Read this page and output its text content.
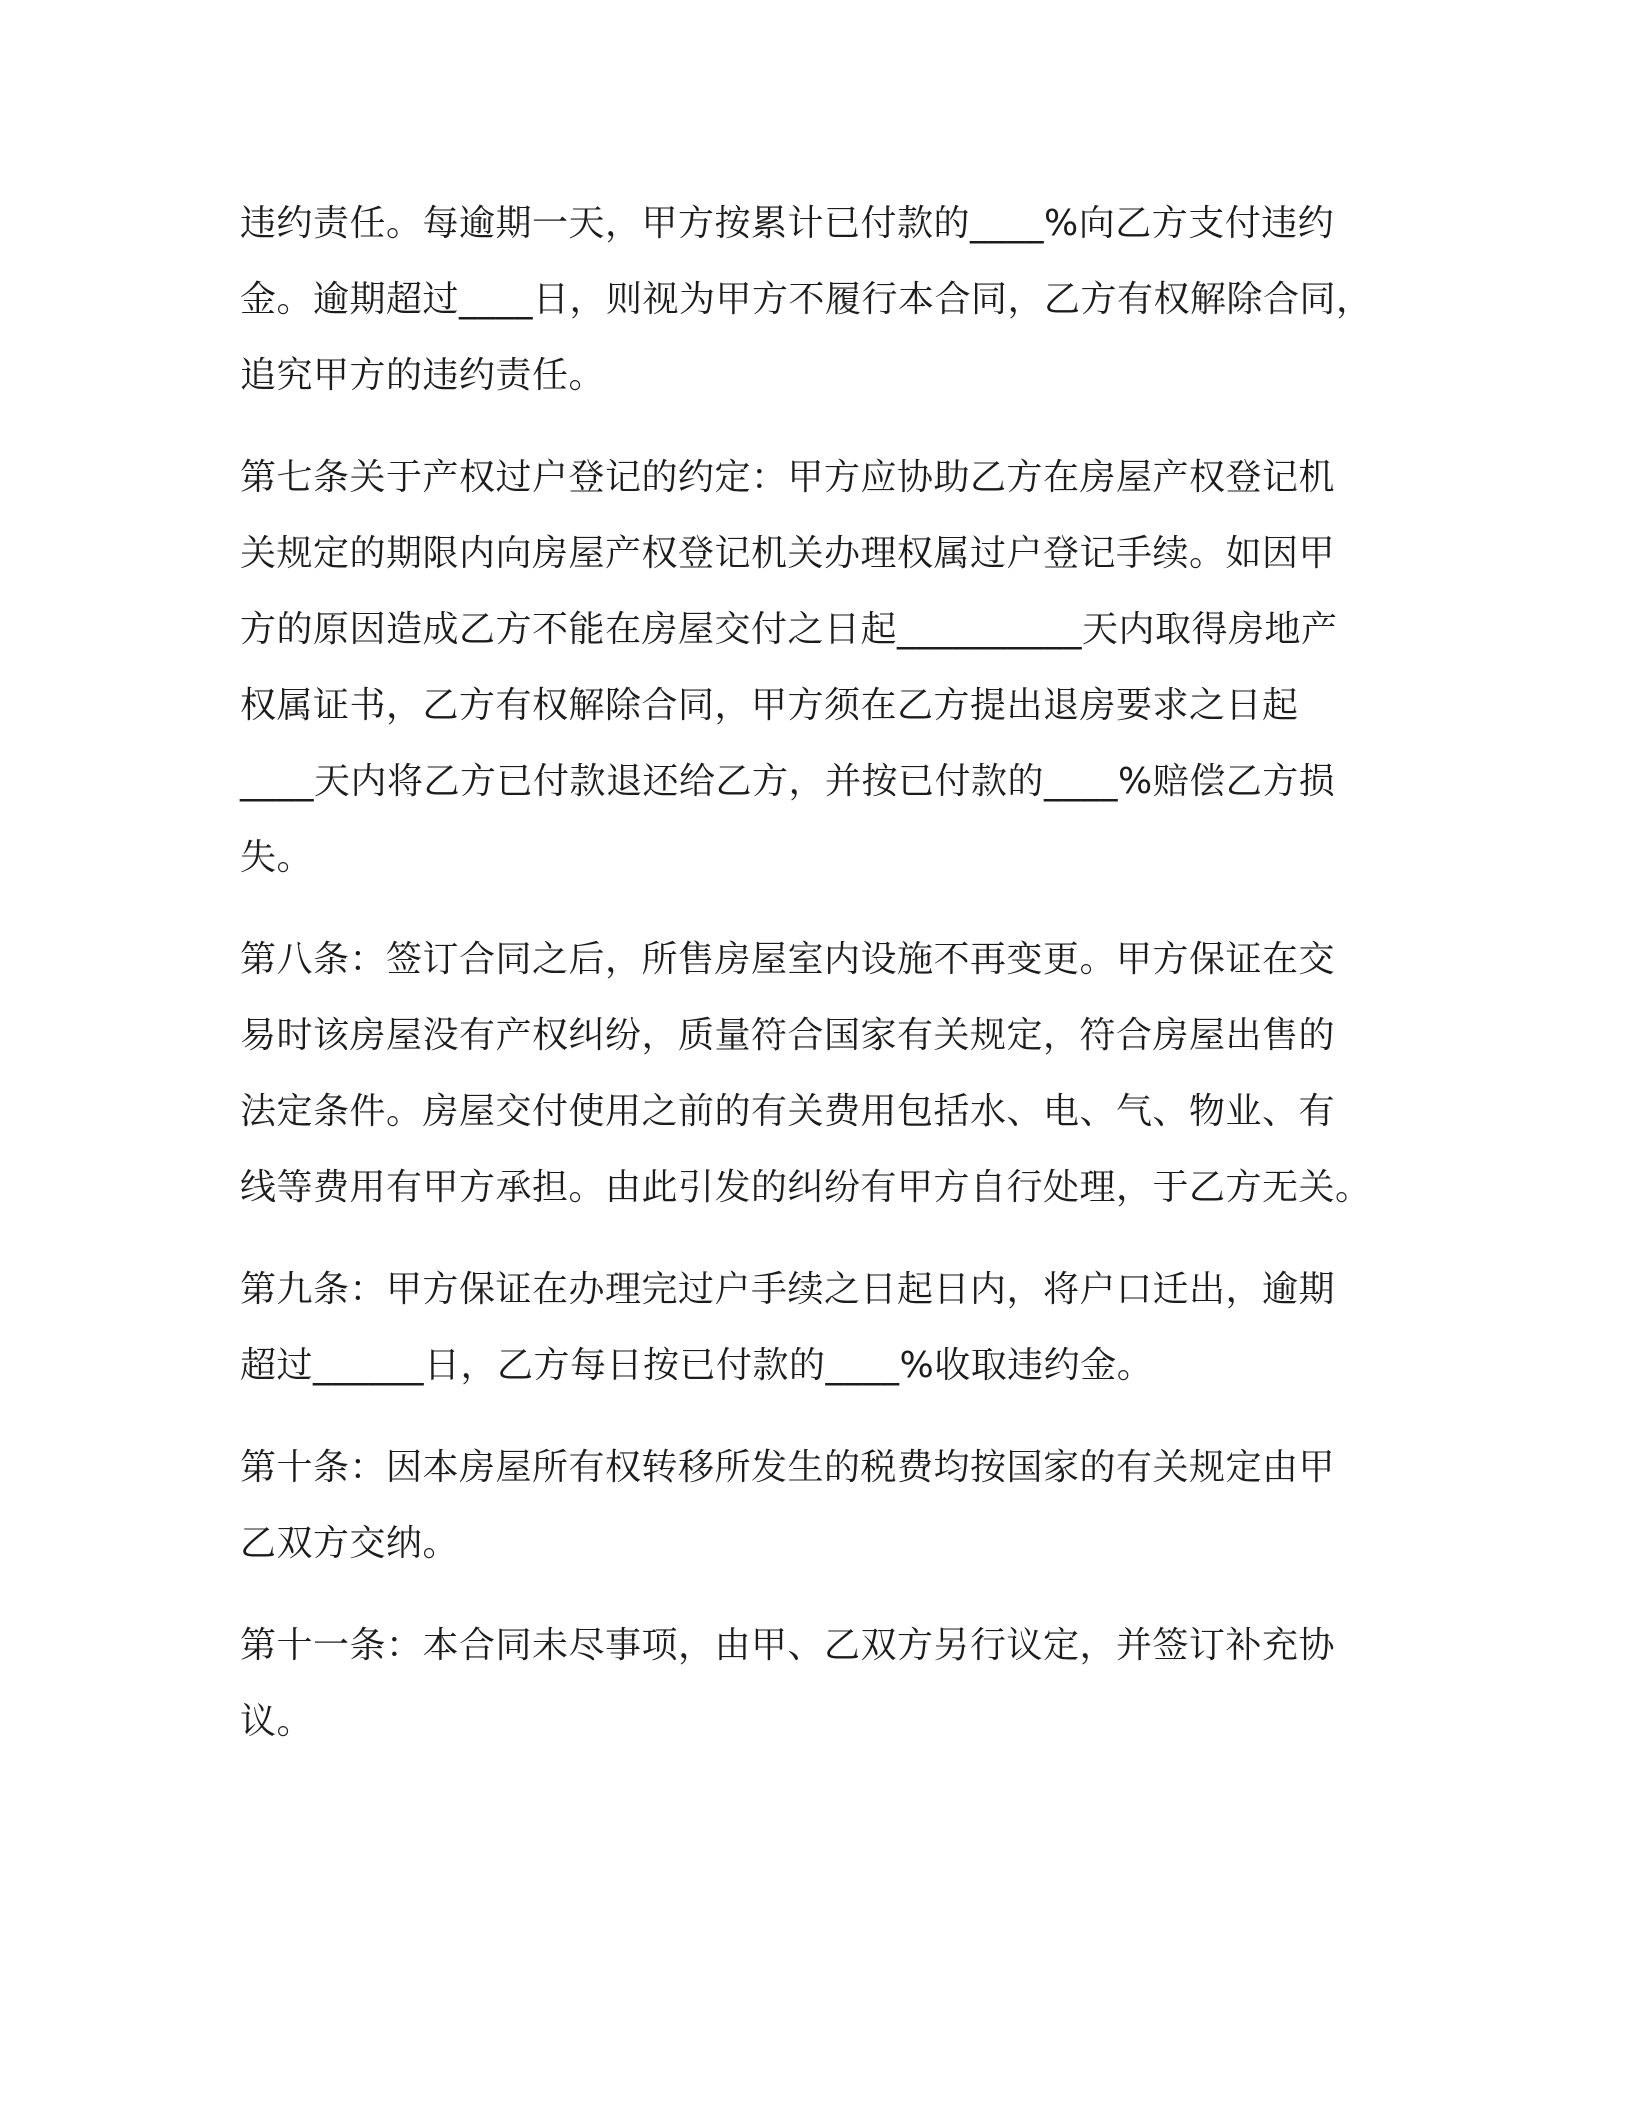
违约责任。每逾期一天，甲方按累计已付款的____%向乙方支付违约
金。逾期超过____日，则视为甲方不履行本合同，乙方有权解除合同，
追究甲方的违约责任。
第七条关于产权过户登记的约定：甲方应协助乙方在房屋产权登记机
关规定的期限内向房屋产权登记机关办理权属过户登记手续。如因甲
方的原因造成乙方不能在房屋交付之日起__________天内取得房地产
权属证书，乙方有权解除合同，甲方须在乙方提出退房要求之日起
____天内将乙方已付款退还给乙方，并按已付款的____%赔偿乙方损
失。
第八条：签订合同之后，所售房屋室内设施不再变更。甲方保证在交
易时该房屋没有产权纠纷，质量符合国家有关规定，符合房屋出售的
法定条件。房屋交付使用之前的有关费用包括水、电、气、物业、有
线等费用有甲方承担。由此引发的纠纷有甲方自行处理，于乙方无关。
第九条：甲方保证在办理完过户手续之日起日内，将户口迁出，逾期
超过______日，乙方每日按已付款的____%收取违约金。
第十条：因本房屋所有权转移所发生的税费均按国家的有关规定由甲
乙双方交纳。
第十一条：本合同未尽事项，由甲、乙双方另行议定，并签订补充协
议。
